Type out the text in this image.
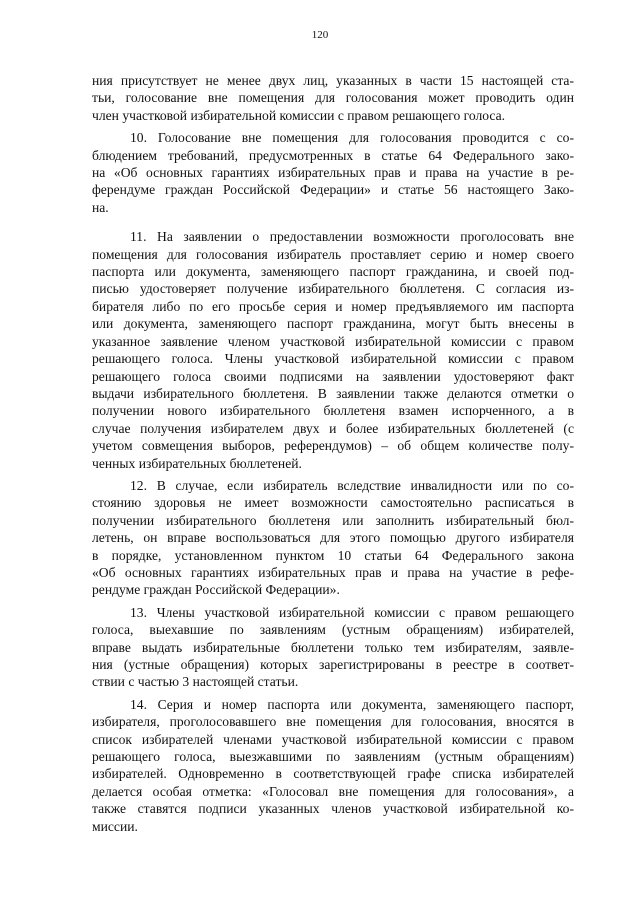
120

ния присутствует не менее двух лиц, указанных в части 15 настоящей ста-
тьи, голосование вне помещения для голосования может проводить один
член участковой избирательной комиссии с правом решающего голоса.

10. Голосование вне помещения для голосования проводится с со-
блюдением требований, предусмотренных в статье 64 Федерального зако-
на «Об основных гарантиях избирательных прав и права на участие в ре-
ферендуме граждан Российской Федерации» и статье 56 настоящего Зако-
на.

11. На заявлении о предоставлении возможности проголосовать вне
помещения для голосования избиратель проставляет серию и номер своего
паспорта или документа, заменяющего паспорт гражданина, и своей под-
писью удостоверяет получение избирательного бюллетеня. С согласия из-
бирателя либо по его просьбе серия и номер предъявляемого им паспорта
или документа, заменяющего паспорт гражданина, могут быть внесены в
указанное заявление членом участковой избирательной комиссии с правом
решающего голоса. Члены участковой избирательной комиссии с правом
решающего голоса своими подписями на заявлении удостоверяют факт
выдачи избирательного бюллетеня. В заявлении также делаются отметки о
получении нового избирательного бюллетеня взамен испорченного, а в
случае получения избирателем двух и более избирательных бюллетеней (с
учетом совмещения выборов, референдумов) – об общем количестве полу-
ченных избирательных бюллетеней.

12. В случае, если избиратель вследствие инвалидности или по со-
стоянию здоровья не имеет возможности самостоятельно расписаться в
получении избирательного бюллетеня или заполнить избирательный бюл-
летень, он вправе воспользоваться для этого помощью другого избирателя
в порядке, установленном пунктом 10 статьи 64 Федерального закона
«Об основных гарантиях избирательных прав и права на участие в рефе-
рендуме граждан Российской Федерации».

13. Члены участковой избирательной комиссии с правом решающего
голоса, выехавшие по заявлениям (устным обращениям) избирателей,
вправе выдать избирательные бюллетени только тем избирателям, заявле-
ния (устные обращения) которых зарегистрированы в реестре в соответ-
ствии с частью 3 настоящей статьи.

14. Серия и номер паспорта или документа, заменяющего паспорт,
избирателя, проголосовавшего вне помещения для голосования, вносятся в
список избирателей членами участковой избирательной комиссии с правом
решающего голоса, выезжавшими по заявлениям (устным обращениям)
избирателей. Одновременно в соответствующей графе списка избирателей
делается особая отметка: «Голосовал вне помещения для голосования», а
также ставятся подписи указанных членов участковой избирательной ко-
миссии.
